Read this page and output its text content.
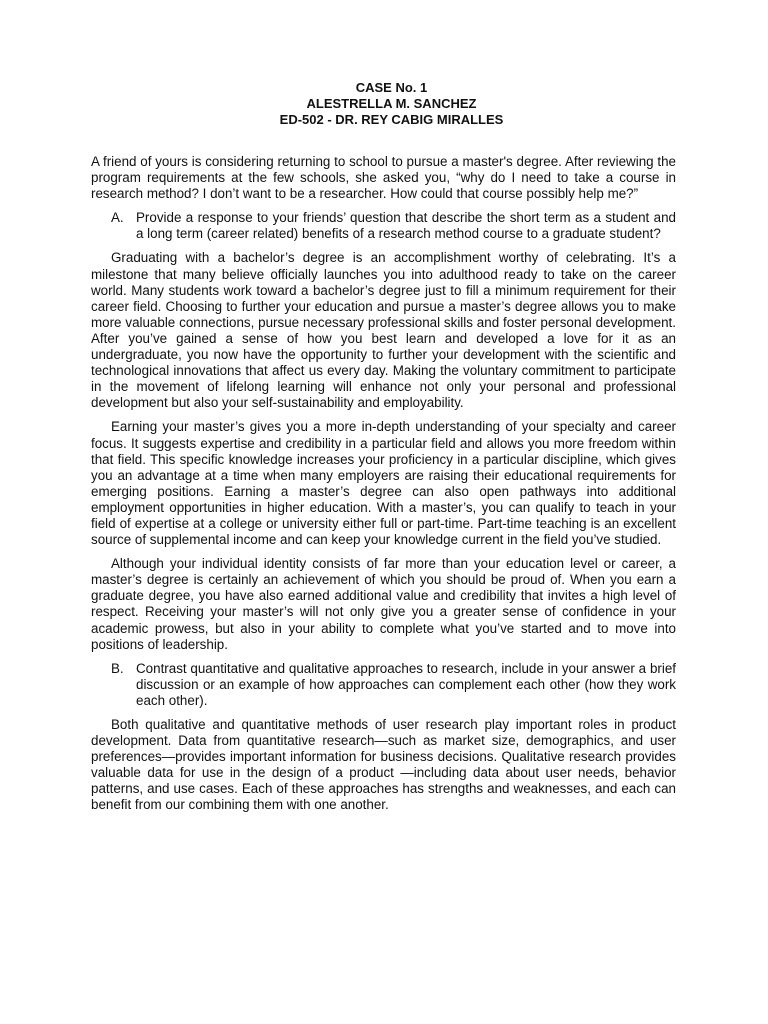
CASE No. 1
ALESTRELLA M. SANCHEZ
ED-502 - DR. REY CABIG MIRALLES

A friend of yours is considering returning to school to pursue a master's degree. After reviewing the program requirements at the few schools, she asked you, “why do I need to take a course in research method? I don’t want to be a researcher. How could that course possibly help me?”

A. Provide a response to your friends’ question that describe the short term as a student and a long term (career related) benefits of a research method course to a graduate student?

Graduating with a bachelor’s degree is an accomplishment worthy of celebrating. It’s a milestone that many believe officially launches you into adulthood ready to take on the career world. Many students work toward a bachelor’s degree just to fill a minimum requirement for their career field. Choosing to further your education and pursue a master’s degree allows you to make more valuable connections, pursue necessary professional skills and foster personal development. After you’ve gained a sense of how you best learn and developed a love for it as an undergraduate, you now have the opportunity to further your development with the scientific and technological innovations that affect us every day. Making the voluntary commitment to participate in the movement of lifelong learning will enhance not only your personal and professional development but also your self-sustainability and employability.

Earning your master’s gives you a more in-depth understanding of your specialty and career focus. It suggests expertise and credibility in a particular field and allows you more freedom within that field. This specific knowledge increases your proficiency in a particular discipline, which gives you an advantage at a time when many employers are raising their educational requirements for emerging positions. Earning a master’s degree can also open pathways into additional employment opportunities in higher education. With a master’s, you can qualify to teach in your field of expertise at a college or university either full or part-time. Part-time teaching is an excellent source of supplemental income and can keep your knowledge current in the field you’ve studied.

Although your individual identity consists of far more than your education level or career, a master’s degree is certainly an achievement of which you should be proud of. When you earn a graduate degree, you have also earned additional value and credibility that invites a high level of respect. Receiving your master’s will not only give you a greater sense of confidence in your academic prowess, but also in your ability to complete what you’ve started and to move into positions of leadership.

B. Contrast quantitative and qualitative approaches to research, include in your answer a brief discussion or an example of how approaches can complement each other (how they work each other).

Both qualitative and quantitative methods of user research play important roles in product development. Data from quantitative research—such as market size, demographics, and user preferences—provides important information for business decisions. Qualitative research provides valuable data for use in the design of a product —including data about user needs, behavior patterns, and use cases. Each of these approaches has strengths and weaknesses, and each can benefit from our combining them with one another.
